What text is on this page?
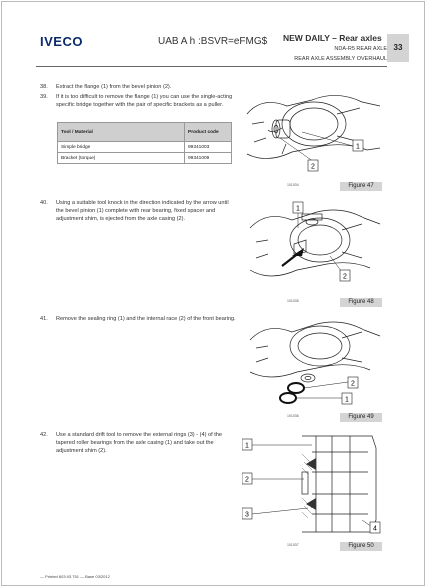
IVECO	UAB A h :BSVR=eFMG$ NEW DAILY – Rear axles
NDA-R5 REAR AXLE
REAR AXLE ASSEMBLY OVERHAUL
33
38. Extract the flange (1) from the bevel pinion (2).
39. If it is too difficult to remove the flange (1) you can use the single-acting specific bridge together with the pair of specific brackets as a puller.
Tool / Material	Product code
Simple bridge	99341003
Bracket (torque)	99341009
40. Using a suitable tool knock in the direction indicated by the arrow until the bevel pinion (1) complete with rear bearing, fixed spacer and adjustment shim, is ejected from the axle casing (2).
41. Remove the sealing ring (1) and the internal race (2) of the front bearing.
42. Use a standard drift tool to remove the external rings (3) - (4) of the tapered roller bearings from the axle casing (1) and take out the adjustment shim (2).
1
2
101034	Figure 47
1
2
101035	Figure 48
2
1
101036	Figure 49
1
2
3
4
101037	Figure 50
— Printed 603.93.751 — Base 03/2012
